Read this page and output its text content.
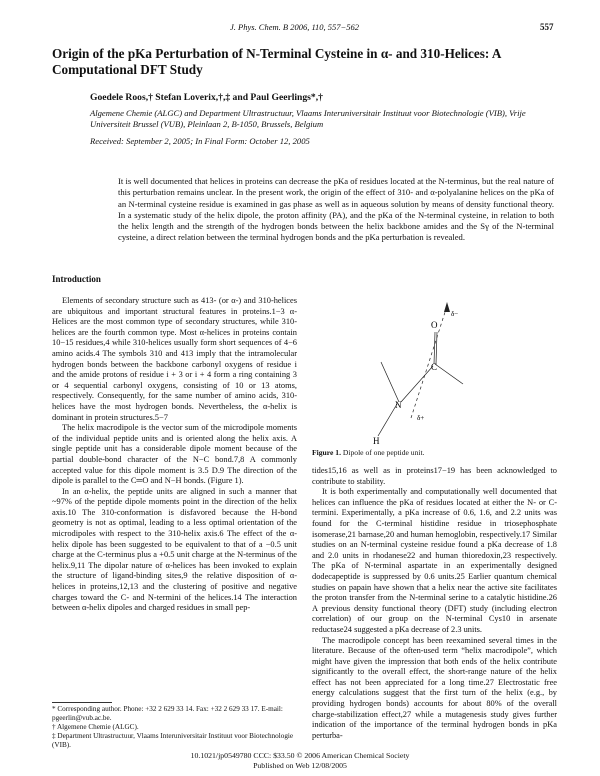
J. Phys. Chem. B 2006, 110, 557−562	557
Origin of the pKa Perturbation of N-Terminal Cysteine in α- and 310-Helices: A Computational DFT Study
Goedele Roos,† Stefan Loverix,†,‡ and Paul Geerlings*,†
Algemene Chemie (ALGC) and Department Ultrastructuur, Vlaams Interuniversitair Instituut voor Biotechnologie (VIB), Vrije Universiteit Brussel (VUB), Pleinlaan 2, B-1050, Brussels, Belgium
Received: September 2, 2005; In Final Form: October 12, 2005
It is well documented that helices in proteins can decrease the pKa of residues located at the N-terminus, but the real nature of this perturbation remains unclear. In the present work, the origin of the effect of 310- and α-polyalanine helices on the pKa of an N-terminal cysteine residue is examined in gas phase as well as in aqueous solution by means of density functional theory. In a systematic study of the helix dipole, the proton affinity (PA), and the pKa of the N-terminal cysteine, in relation to both the helix length and the strength of the hydrogen bonds between the helix backbone amides and the Sγ of the N-terminal cysteine, a direct relation between the terminal hydrogen bonds and the pKa perturbation is revealed.
Introduction

Elements of secondary structure such as 413- (or α-) and 310-helices are ubiquitous and important structural features in proteins.1−3 α-Helices are the most common type of secondary structures, while 310-helices are the fourth common type. Most α-helices in proteins contain 10−15 residues,4 while 310-helices usually form short sequences of 4−6 amino acids.4 The symbols 310 and 413 imply that the intramolecular hydrogen bonds between the backbone carbonyl oxygens of residue i and the amide protons of residue i + 3 or i + 4 form a ring containing 3 or 4 sequential carbonyl oxygens, consisting of 10 or 13 atoms, respectively. Consequently, for the same number of amino acids, 310-helices have the most hydrogen bonds. Nevertheless, the α-helix is dominant in protein structures.5−7

The helix macrodipole is the vector sum of the microdipole moments of the individual peptide units and is oriented along the helix axis. A single peptide unit has a considerable dipole moment because of the partial double-bond character of the N−C bond.7,8 A commonly accepted value for this dipole moment is 3.5 D.9 The direction of the dipole is parallel to the C═O and N−H bonds. (Figure 1).

In an α-helix, the peptide units are aligned in such a manner that ~97% of the peptide dipole moments point in the direction of the helix axis.10 The 310-conformation is disfavored because the H-bond geometry is not as optimal, leading to a less optimal orientation of the microdipoles with respect to the 310-helix axis.6 The effect of the α-helix dipole has been suggested to be equivalent to that of a −0.5 unit charge at the C-terminus plus a +0.5 unit charge at the N-terminus of the helix.9,11 The dipolar nature of α-helices has been invoked to explain the structure of ligand-binding sites,9 the relative disposition of α-helices in proteins,12,13 and the clustering of positive and negative charges toward the C- and N-termini of the helices.14 The interaction between α-helix dipoles and charged residues in small pep-

H
N
C
O
δ+
δ−
Figure 1. Dipole of one peptide unit.

tides15,16 as well as in proteins17−19 has been acknowledged to contribute to stability.

It is both experimentally and computationally well documented that helices can influence the pKa of residues located at either the N- or C-termini. Experimentally, a pKa increase of 0.6, 1.6, and 2.2 units was found for the C-terminal histidine residue in triosephosphate isomerase,21 barnase,20 and human hemoglobin, respectively.17 Similar studies on an N-terminal cysteine residue found a pKa decrease of 1.8 and 2.0 units in rhodanese22 and human thioredoxin,23 respectively. The pKa of N-terminal aspartate in an experimentally designed dodecapeptide is suppressed by 0.6 units.25 Earlier quantum chemical studies on papain have shown that a helix near the active site facilitates the proton transfer from the N-terminal serine to a catalytic histidine.26 A previous density functional theory (DFT) study (including electron correlation) of our group on the N-terminal Cys10 in arsenate reductase24 suggested a pKa decrease of 2.3 units.

The macrodipole concept has been reexamined several times in the literature. Because of the often-used term “helix macrodipole”, which might have given the impression that both ends of the helix contribute significantly to the overall effect, the short-range nature of the helix effect has not been appreciated for a long time.27 Electrostatic free energy calculations suggest that the first turn of the helix (e.g., by providing hydrogen bonds) accounts for about 80% of the overall charge-stabilization effect,27 while a mutagenesis study gives further indication of the importance of the terminal hydrogen bonds in pKa perturba-

* Corresponding author. Phone: +32 2 629 33 14. Fax: +32 2 629 33 17. E-mail: pgeerlin@vub.ac.be.
† Algemene Chemie (ALGC).
‡ Department Ultrastructuur, Vlaams Interuniversitair Instituut voor Biotechnologie (VIB).
10.1021/jp0549780 CCC: $33.50 © 2006 American Chemical Society
Published on Web 12/08/2005
